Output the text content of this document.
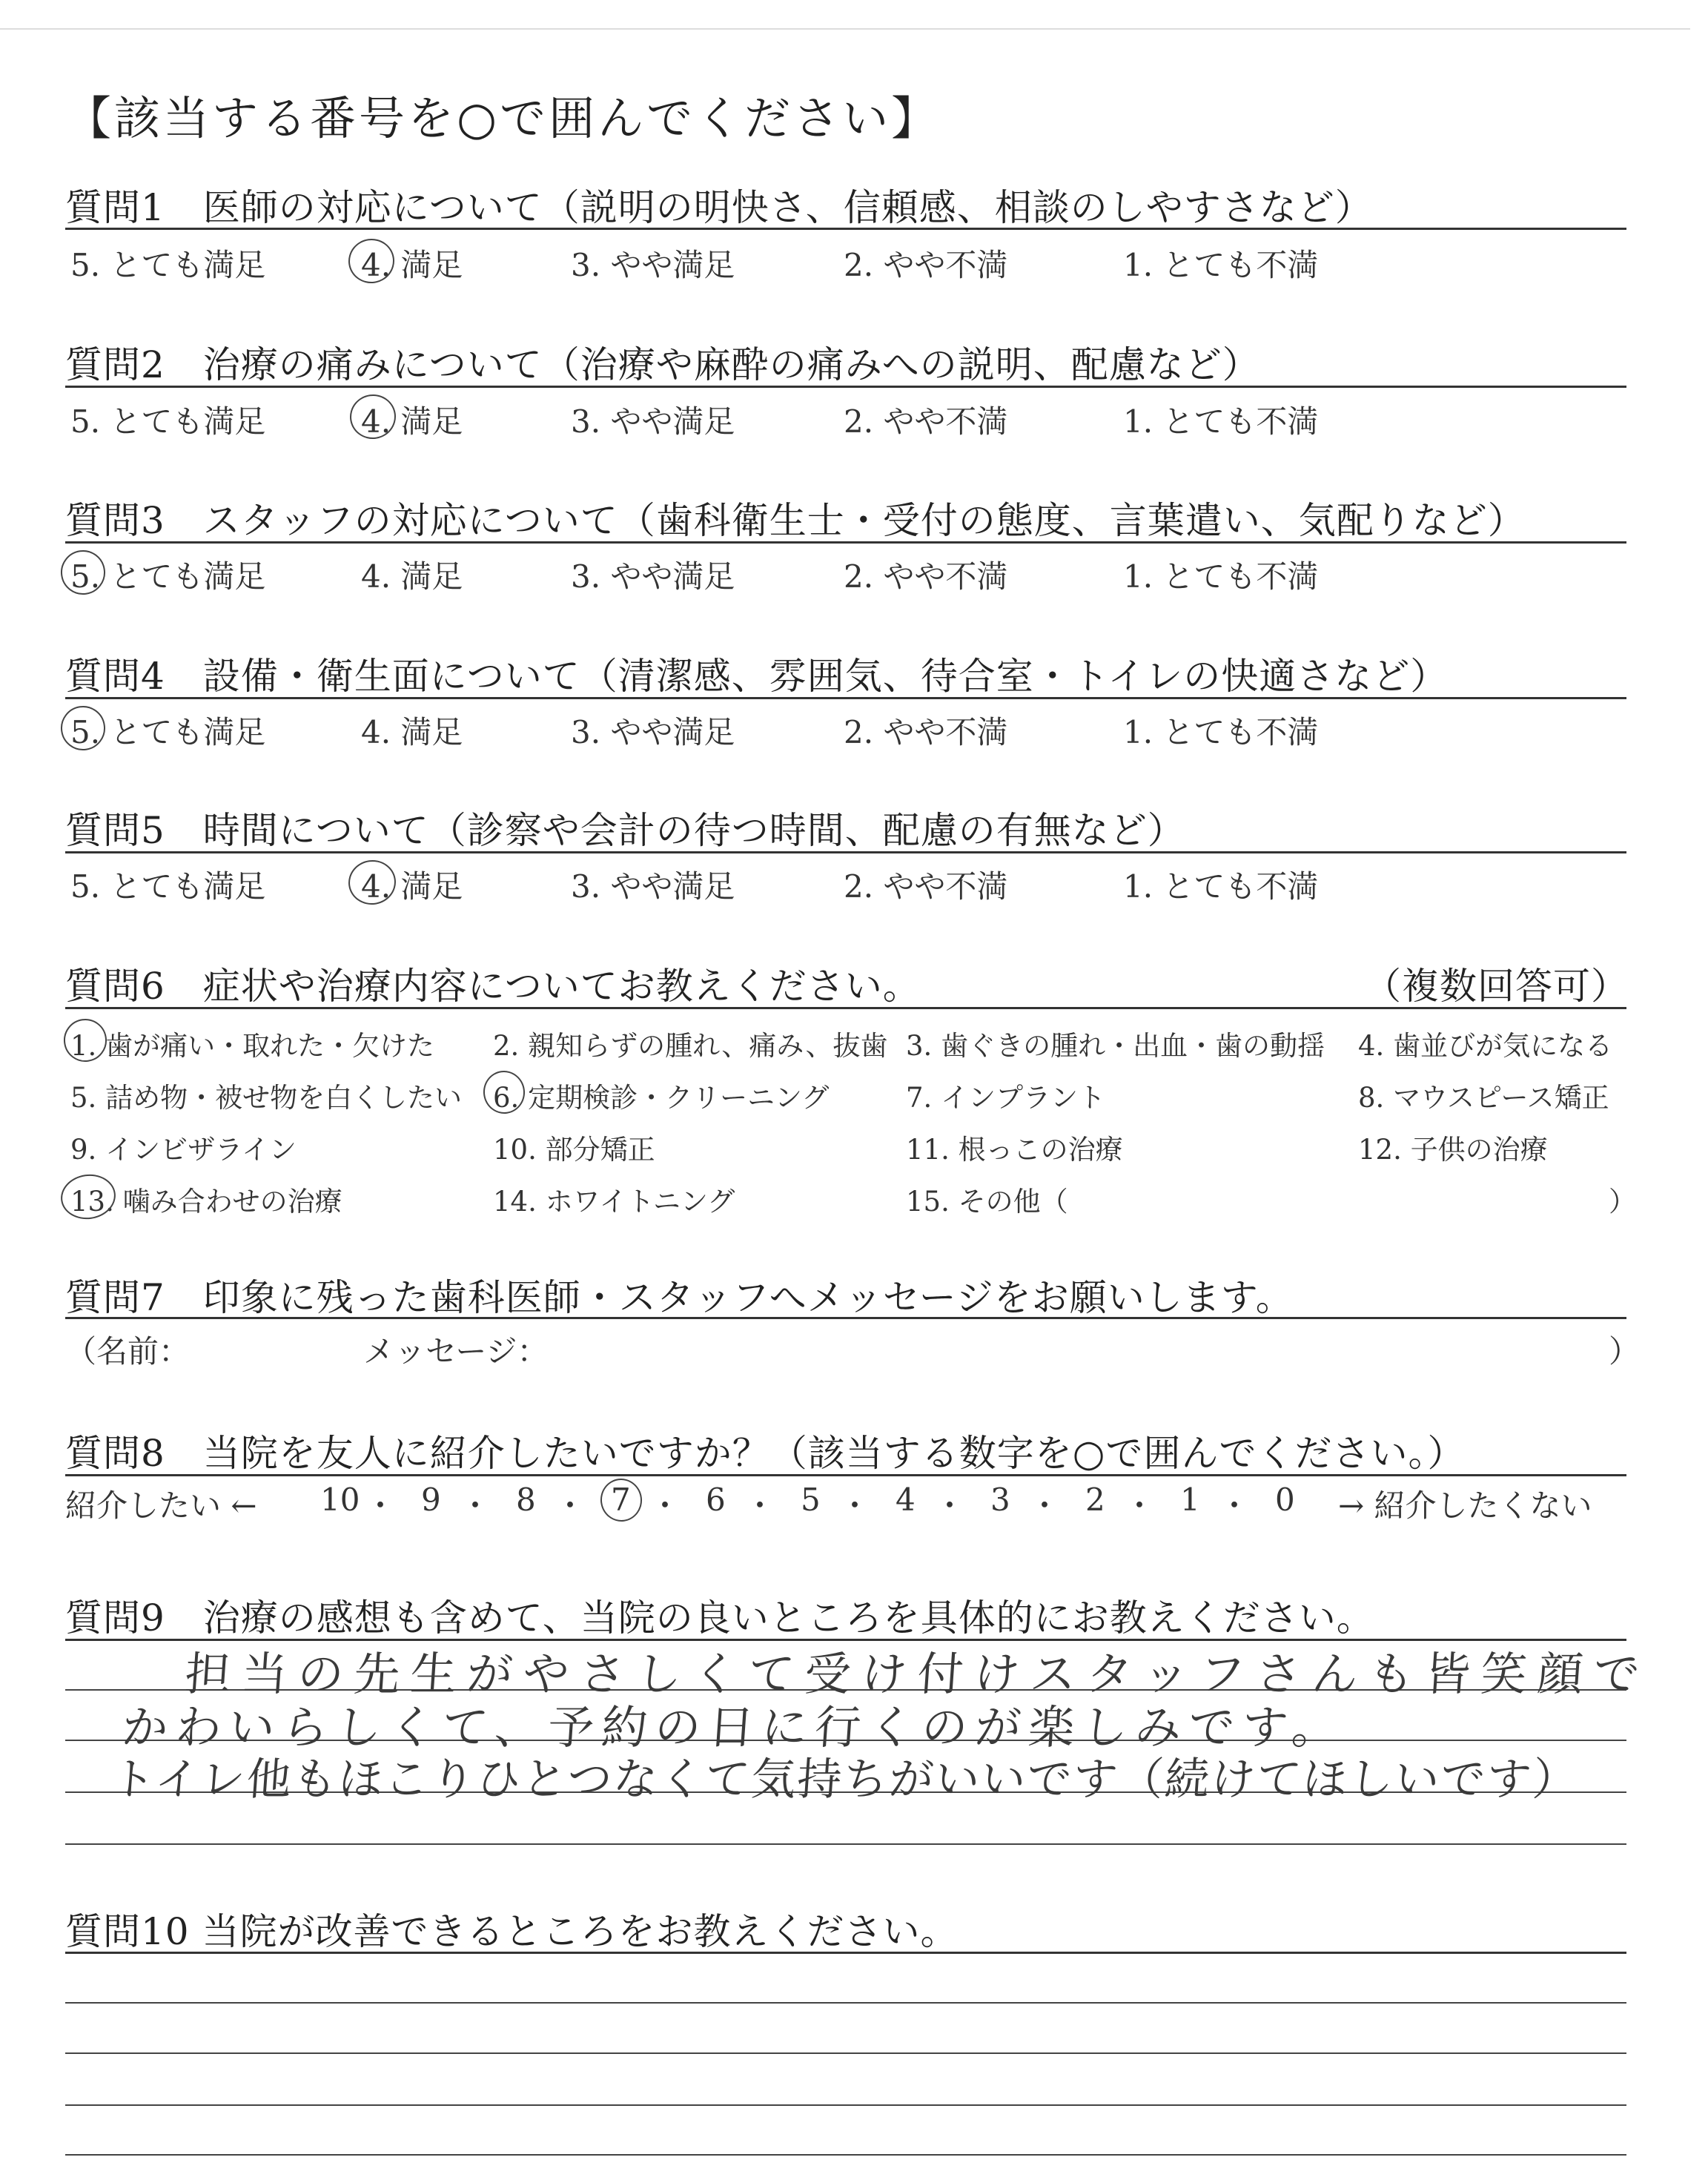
【該当する番号を○で囲んでください】
質問1　医師の対応について（説明の明快さ、信頼感、相談のしやすさなど）
5. とても満足	4. 満足	3. やや満足	2. やや不満	1. とても不満
質問2　治療の痛みについて（治療や麻酔の痛みへの説明、配慮など）
5. とても満足	4. 満足	3. やや満足	2. やや不満	1. とても不満
質問3　スタッフの対応について（歯科衛生士・受付の態度、言葉遣い、気配りなど）
5. とても満足	4. 満足	3. やや満足	2. やや不満	1. とても不満
質問4　設備・衛生面について（清潔感、雰囲気、待合室・トイレの快適さなど）
5. とても満足	4. 満足	3. やや満足	2. やや不満	1. とても不満
質問5　時間について（診察や会計の待つ時間、配慮の有無など）
5. とても満足	4. 満足	3. やや満足	2. やや不満	1. とても不満
質問6　症状や治療内容についてお教えください。	（複数回答可）
1. 歯が痛い・取れた・欠けた 2. 親知らずの腫れ、痛み、抜歯 3. 歯ぐきの腫れ・出血・歯の動揺 4. 歯並びが気になる
5. 詰め物・被せ物を白くしたい 6. 定期検診・クリーニング	7. インプラント	8. マウスピース矯正
9. インビザライン	10. 部分矯正	11. 根っこの治療	12. 子供の治療
13. 噛み合わせの治療	14. ホワイトニング	15. その他（	）
質問7　印象に残った歯科医師・スタッフへメッセージをお願いします。
（名前：	メッセージ：	）
質問8　当院を友人に紹介したいですか？（該当する数字を○で囲んでください。）
紹介したい ←	→ 紹介したくない
10 ・ 9 ・ 8 ・ 7 ・ 6 ・ 5 ・ 4 ・ 3 ・ 2 ・ 1 ・ 0
質問9　治療の感想も含めて、当院の良いところを具体的にお教えください。
担当の先生がやさしくて受け付けスタッフさんも皆笑顔で
かわいらしくて、予約の日に行くのが楽しみです。
トイレ他もほこりひとつなくて気持ちがいいです（続けてほしいです）
質問10 当院が改善できるところをお教えください。
